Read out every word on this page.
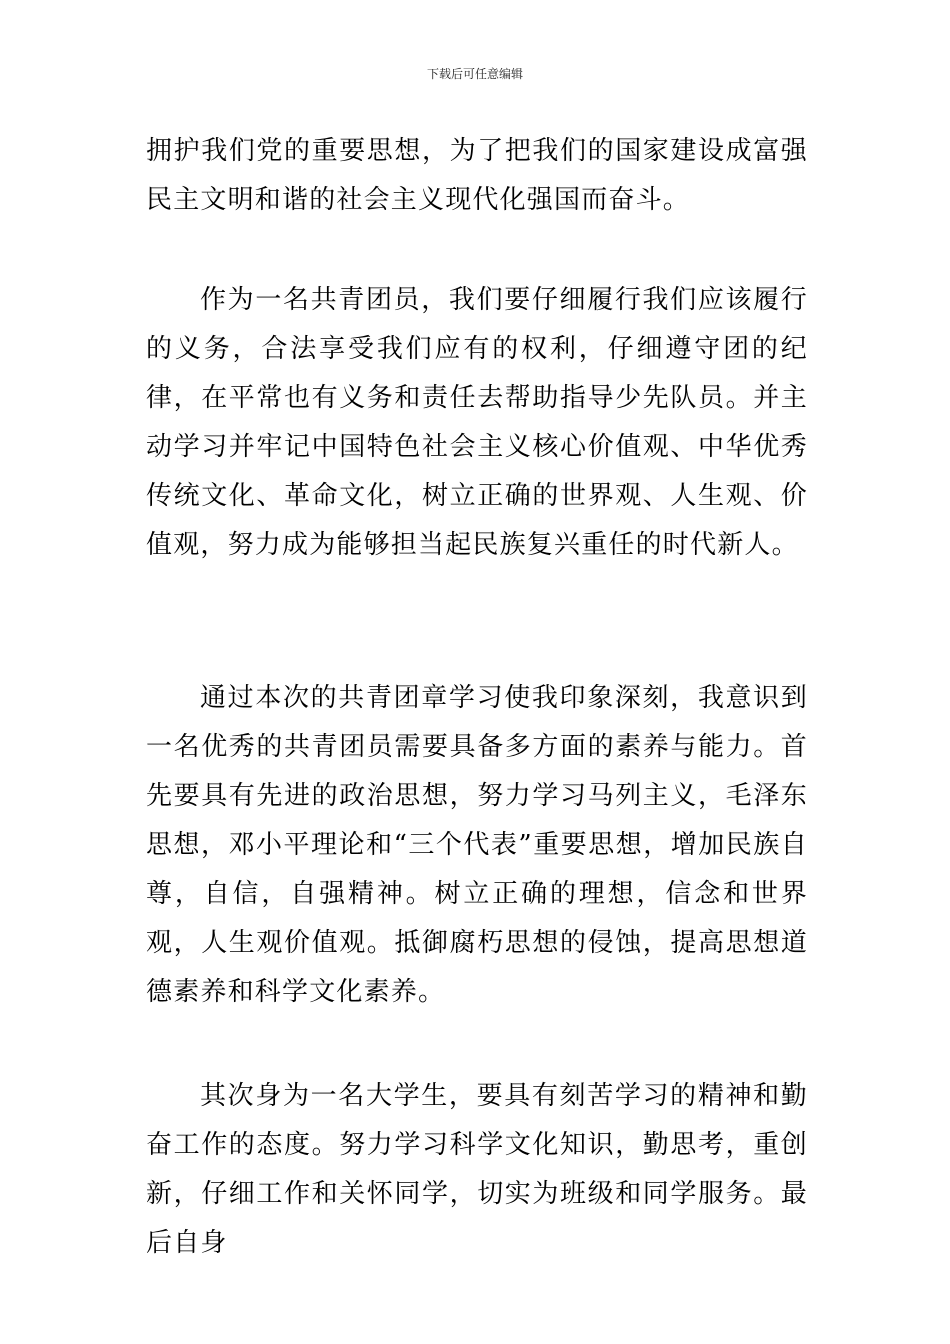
下载后可任意编辑

拥护我们党的重要思想，为了把我们的国家建设成富强民主文明和谐的社会主义现代化强国而奋斗。

作为一名共青团员，我们要仔细履行我们应该履行的义务，合法享受我们应有的权利，仔细遵守团的纪律，在平常也有义务和责任去帮助指导少先队员。并主动学习并牢记中国特色社会主义核心价值观、中华优秀传统文化、革命文化，树立正确的世界观、人生观、价值观，努力成为能够担当起民族复兴重任的时代新人。

通过本次的共青团章学习使我印象深刻，我意识到一名优秀的共青团员需要具备多方面的素养与能力。首先要具有先进的政治思想，努力学习马列主义，毛泽东思想，邓小平理论和“三个代表”重要思想，增加民族自尊，自信，自强精神。树立正确的理想，信念和世界观，人生观价值观。抵御腐朽思想的侵蚀，提高思想道德素养和科学文化素养。

其次身为一名大学生，要具有刻苦学习的精神和勤奋工作的态度。努力学习科学文化知识，勤思考，重创新，仔细工作和关怀同学，切实为班级和同学服务。最后自身
